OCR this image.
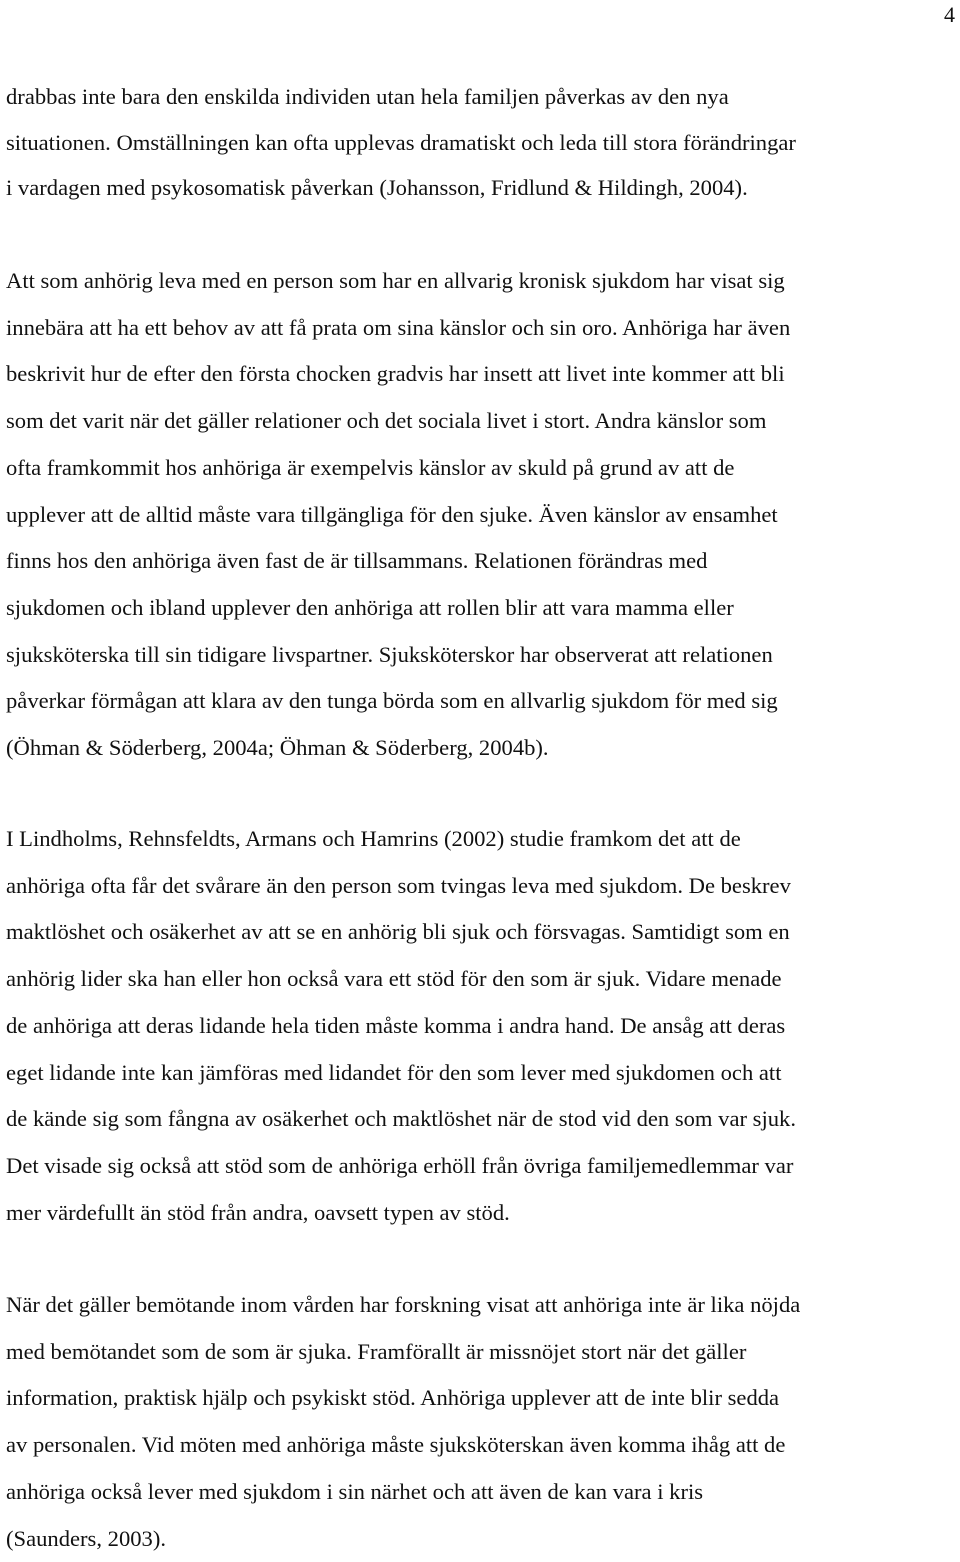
4
drabbas inte bara den enskilda individen utan hela familjen påverkas av den nya
situationen. Omställningen kan ofta upplevas dramatiskt och leda till stora förändringar
i vardagen med psykosomatisk påverkan (Johansson, Fridlund & Hildingh, 2004).
Att som anhörig leva med en person som har en allvarig kronisk sjukdom har visat sig
innebära att ha ett behov av att få prata om sina känslor och sin oro. Anhöriga har även
beskrivit hur de efter den första chocken gradvis har insett att livet inte kommer att bli
som det varit när det gäller relationer och det sociala livet i stort. Andra känslor som
ofta framkommit hos anhöriga är exempelvis känslor av skuld på grund av att de
upplever att de alltid måste vara tillgängliga för den sjuke. Även känslor av ensamhet
finns hos den anhöriga även fast de är tillsammans. Relationen förändras med
sjukdomen och ibland upplever den anhöriga att rollen blir att vara mamma eller
sjuksköterska till sin tidigare livspartner. Sjuksköterskor har observerat att relationen
påverkar förmågan att klara av den tunga börda som en allvarlig sjukdom för med sig
(Öhman & Söderberg, 2004a; Öhman & Söderberg, 2004b).
I Lindholms, Rehnsfeldts, Armans och Hamrins (2002) studie framkom det att de
anhöriga ofta får det svårare än den person som tvingas leva med sjukdom. De beskrev
maktlöshet och osäkerhet av att se en anhörig bli sjuk och försvagas. Samtidigt som en
anhörig lider ska han eller hon också vara ett stöd för den som är sjuk. Vidare menade
de anhöriga att deras lidande hela tiden måste komma i andra hand. De ansåg att deras
eget lidande inte kan jämföras med lidandet för den som lever med sjukdomen och att
de kände sig som fångna av osäkerhet och maktlöshet när de stod vid den som var sjuk.
Det visade sig också att stöd som de anhöriga erhöll från övriga familjemedlemmar var
mer värdefullt än stöd från andra, oavsett typen av stöd.
När det gäller bemötande inom vården har forskning visat att anhöriga inte är lika nöjda
med bemötandet som de som är sjuka. Framförallt är missnöjet stort när det gäller
information, praktisk hjälp och psykiskt stöd. Anhöriga upplever att de inte blir sedda
av personalen. Vid möten med anhöriga måste sjuksköterskan även komma ihåg att de
anhöriga också lever med sjukdom i sin närhet och att även de kan vara i kris
(Saunders, 2003).
